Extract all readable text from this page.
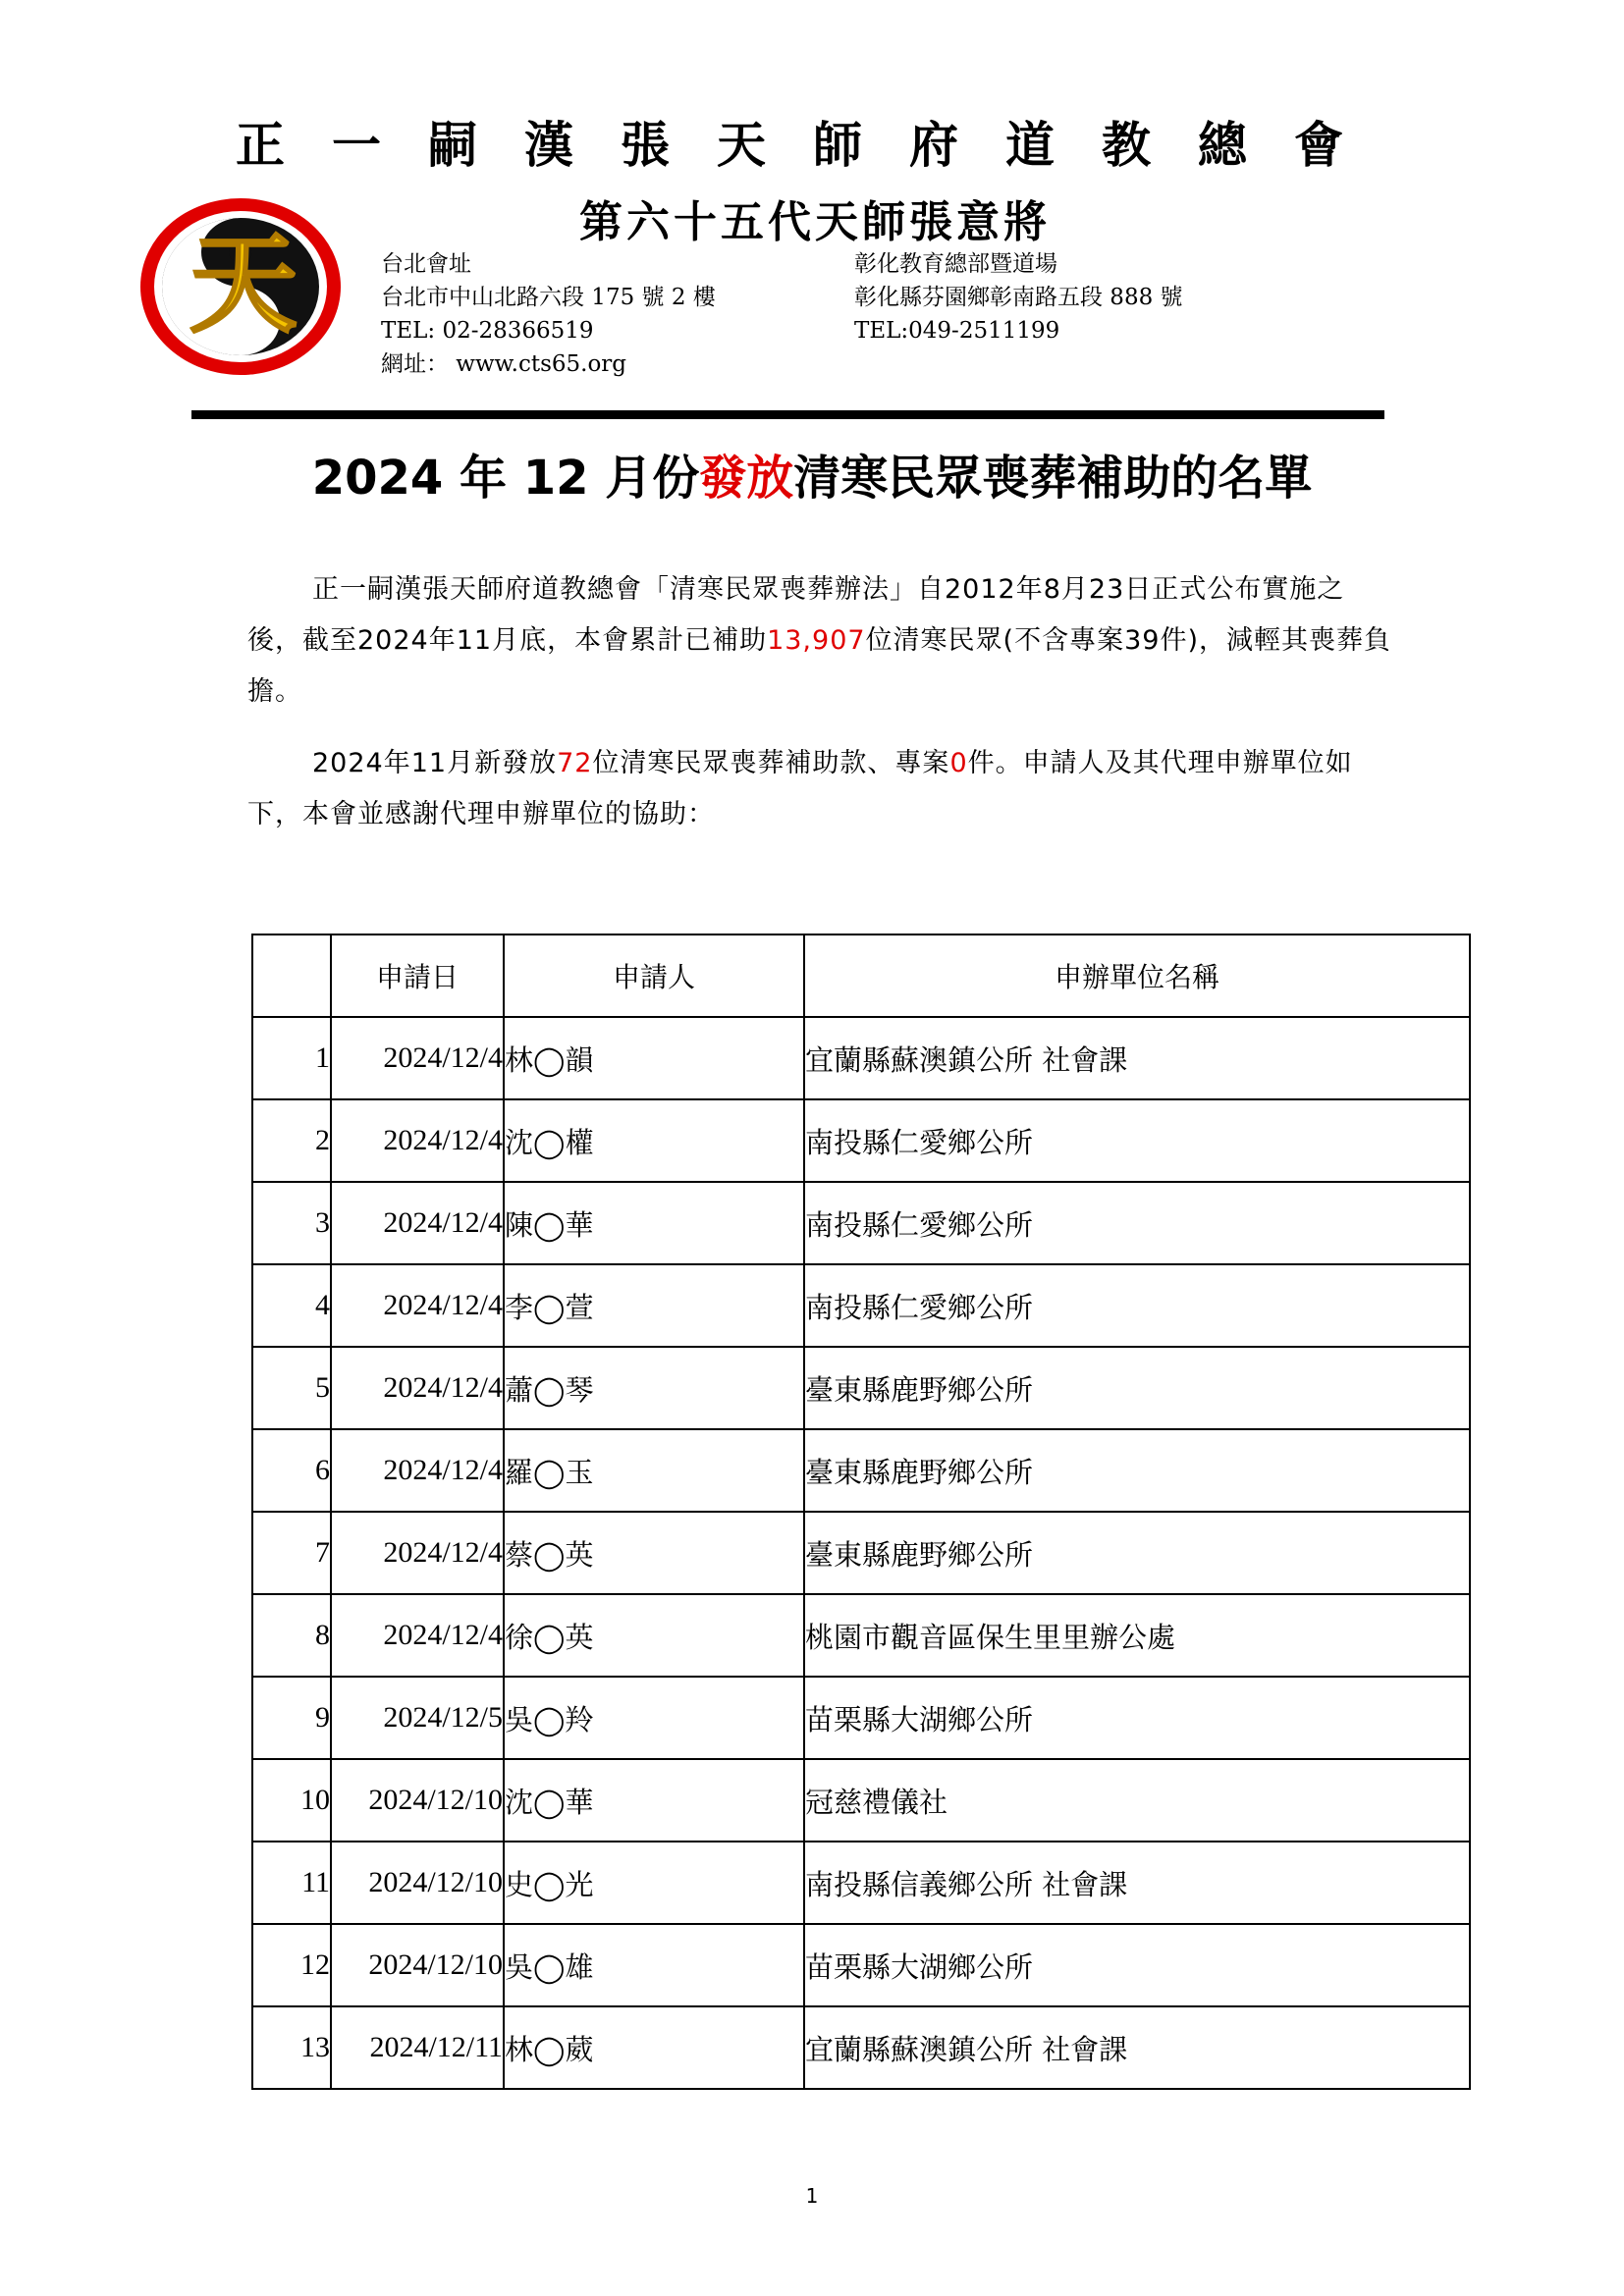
正一嗣漢張天師府道教總會
第六十五代天師張意將
天	台北會址
台北市中山北路六段 175 號 2 樓
TEL: 02-28366519
網址： www.cts65.org
彰化教育總部暨道場
彰化縣芬園鄉彰南路五段 888 號
TEL:049-2511199
2024 年 12 月份發放清寒民眾喪葬補助的名單

正一嗣漢張天師府道教總會「清寒民眾喪葬辦法」自2012年8月23日正式公布實施之後，截至2024年11月底，本會累計已補助13,907位清寒民眾(不含專案39件)，減輕其喪葬負擔。

2024年11月新發放72位清寒民眾喪葬補助款、專案0件。申請人及其代理申辦單位如下，本會並感謝代理申辦單位的協助：

	申請日	申請人	申辦單位名稱
1	2024/12/4	林◯韻	宜蘭縣蘇澳鎮公所 社會課
2	2024/12/4	沈◯權	南投縣仁愛鄉公所
3	2024/12/4	陳◯華	南投縣仁愛鄉公所
4	2024/12/4	李◯萱	南投縣仁愛鄉公所
5	2024/12/4	蕭◯琴	臺東縣鹿野鄉公所
6	2024/12/4	羅◯玉	臺東縣鹿野鄉公所
7	2024/12/4	蔡◯英	臺東縣鹿野鄉公所
8	2024/12/4	徐◯英	桃園市觀音區保生里里辦公處
9	2024/12/5	吳◯羚	苗栗縣大湖鄉公所
10	2024/12/10	沈◯華	冠慈禮儀社
11	2024/12/10	史◯光	南投縣信義鄉公所 社會課
12	2024/12/10	吳◯雄	苗栗縣大湖鄉公所
13	2024/12/11	林◯葳	宜蘭縣蘇澳鎮公所 社會課
1
